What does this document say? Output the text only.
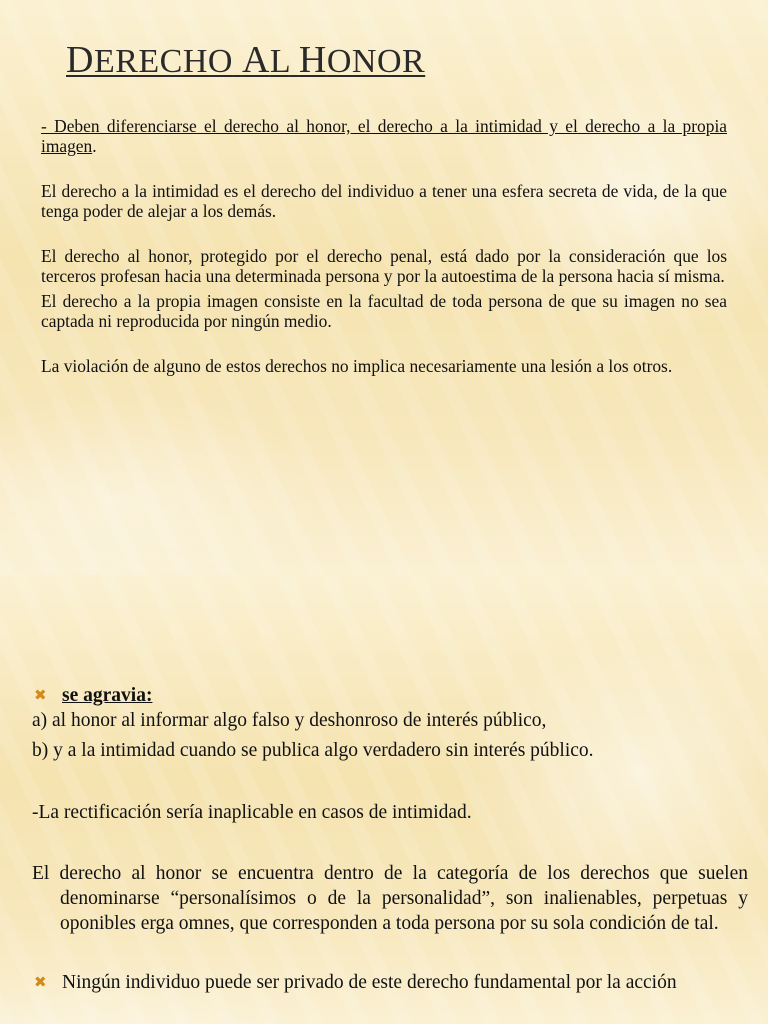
DERECHO AL HONOR

- Deben diferenciarse el derecho al honor, el derecho a la intimidad y el derecho a la propia imagen.

El derecho a la intimidad es el derecho del individuo a tener una esfera secreta de vida, de la que tenga poder de alejar a los demás.

El derecho al honor, protegido por el derecho penal, está dado por la consideración que los terceros profesan hacia una determinada persona y por la autoestima de la persona hacia sí misma.

El derecho a la propia imagen consiste en la facultad de toda persona de que su imagen no sea captada ni reproducida por ningún medio.

La violación de alguno de estos derechos no implica necesariamente una lesión a los otros.

✖ se agravia:

a) al honor al informar algo falso y deshonroso de interés público,

b) y a la intimidad cuando se publica algo verdadero sin interés público.

-La rectificación sería inaplicable en casos de intimidad.

El derecho al honor se encuentra dentro de la categoría de los derechos que suelen denominarse “personalísimos o de la personalidad”, son inalienables, perpetuas y oponibles erga omnes, que corresponden a toda persona por su sola condición de tal.

✖ Ningún individuo puede ser privado de este derecho fundamental por la acción
